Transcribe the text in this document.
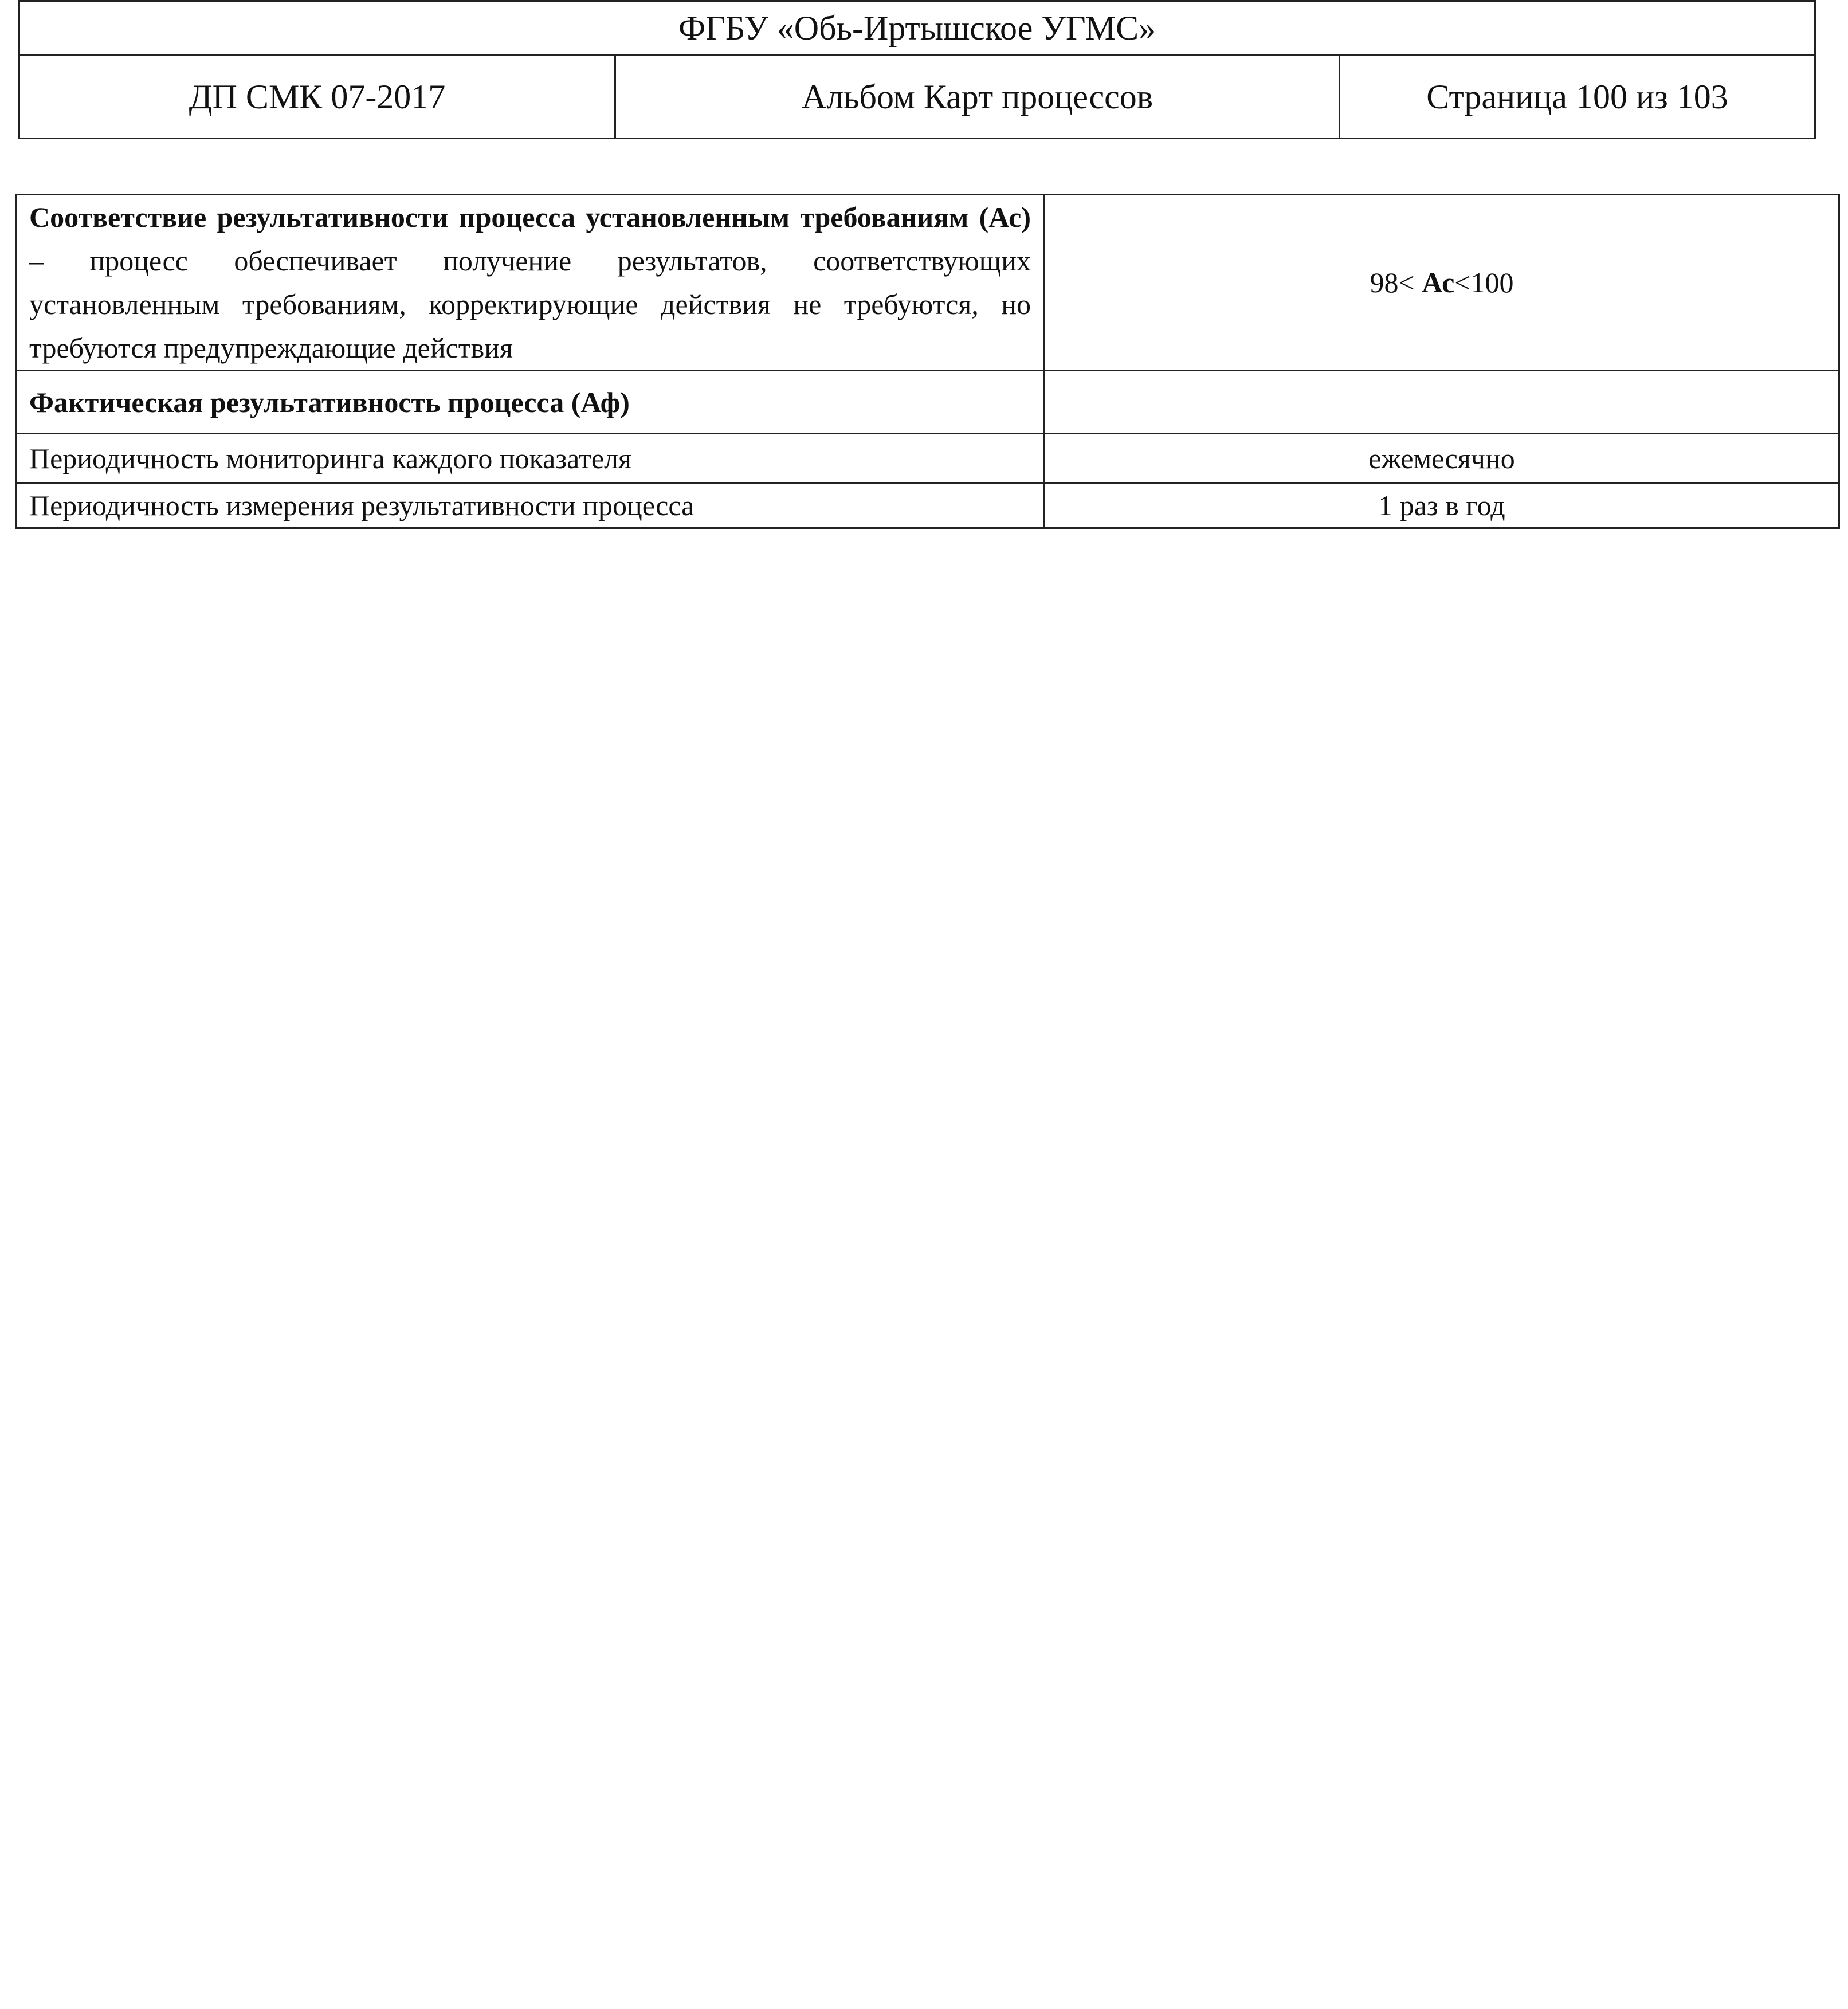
ФГБУ «Обь-Иртышское УГМС»
ДП СМК 07-2017	Альбом Карт процессов	Страница 100 из 103
Соответствие результативности процесса установленным требованиям (Ас) – процесс обеспечивает получение результатов, соответствующих установленным требованиям, корректирующие действия не требуются, но требуются предупреждающие действия	98< Ас<100
Фактическая результативность процесса (Аф)	
Периодичность мониторинга каждого показателя	ежемесячно
Периодичность измерения результативности процесса	1 раз в год
